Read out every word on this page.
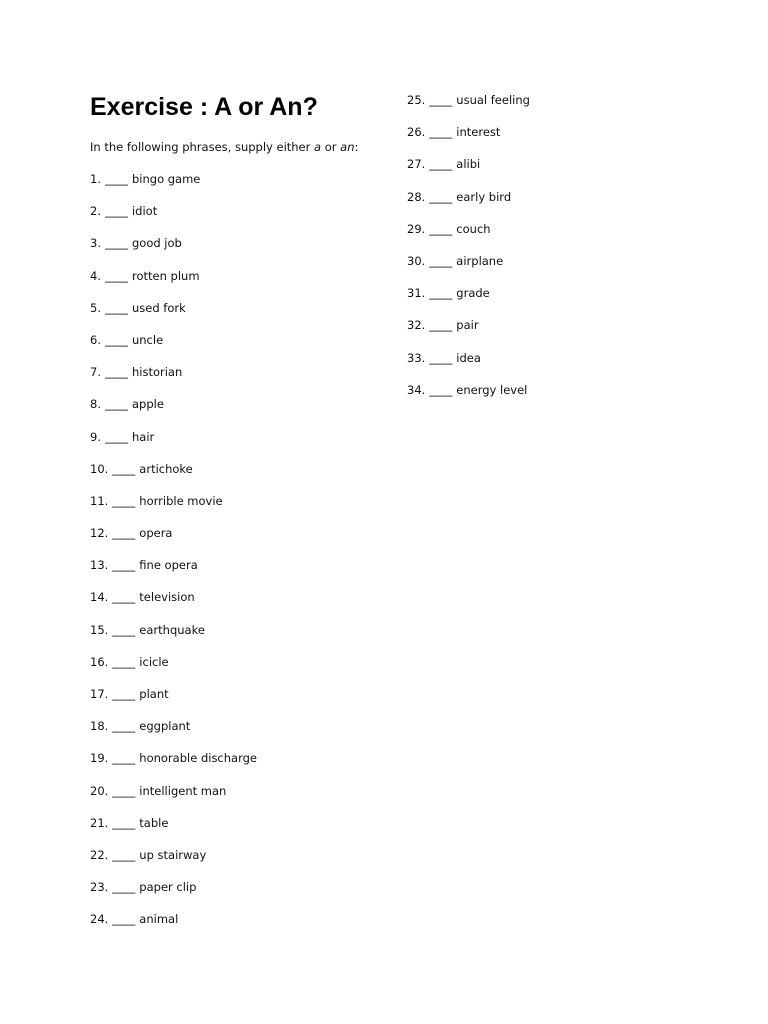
Exercise : A or An?

In the following phrases, supply either a or an:

1. ____ bingo game
2. ____ idiot
3. ____ good job
4. ____ rotten plum
5. ____ used fork
6. ____ uncle
7. ____ historian
8. ____ apple
9. ____ hair
10. ____ artichoke
11. ____ horrible movie
12. ____ opera
13. ____ fine opera
14. ____ television
15. ____ earthquake
16. ____ icicle
17. ____ plant
18. ____ eggplant
19. ____ honorable discharge
20. ____ intelligent man
21. ____ table
22. ____ up stairway
23. ____ paper clip
24. ____ animal
25. ____ usual feeling
26. ____ interest
27. ____ alibi
28. ____ early bird
29. ____ couch
30. ____ airplane
31. ____ grade
32. ____ pair
33. ____ idea
34. ____ energy level
